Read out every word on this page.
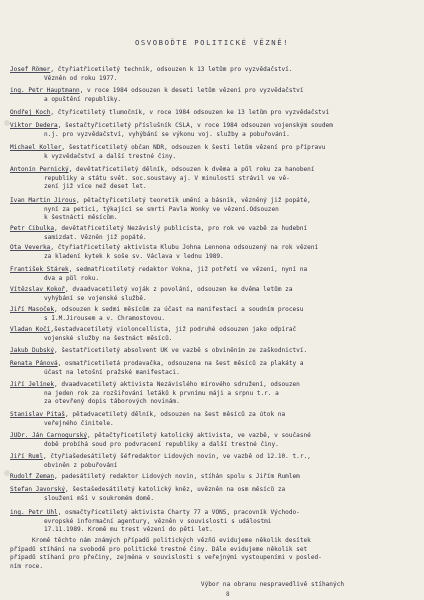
OSVOBOĎTE POLITICKÉ VĚZNĚ!
Josef Römer, čtyřiatřicetiletý technik, odsouzen k 13 letům pro vyzvědačství.
Vězněn od roku 1977.
ing. Petr Hauptmann, v roce 1984 odsouzen k deseti letům vězení pro vyzvědačství
a opuštění republiky.
Ondřej Koch, čtyřicetiletý tlumočník, v roce 1984 odsouzen ke 13 letům pro vyzvědačství
Viktor Dedera, šestačtyřicetiletý příslušník ČSLA, v roce 1984 odsouzen vojenským soudem
n.j. pro vyzvědačství, vyhýbání se výkonu voj. služby a pobuřování.
Michael Koller, šestatřicetiletý občan NDR, odsouzen k šesti letům vězení pro přípravu
k vyzvědačství a další trestné činy.
Antonín Pernický, devětatřicetiletý dělník, odsouzen k dvěma a půl roku za hanobení
republiky a státu svět. soc.soustavy aj. V minulosti strávil ve vě-
zení již více než deset let.
Ivan Martin Jirous, pětačtyřicetiletý teoretik umění a básník, vězněný již popáté,
nyní za petici, týkající se smrti Pavla Wonky ve vězení.Odsouzen
k šestnácti měsícům.
Petr Cibulka, devětatřicetiletý Nezávislý publicista, pro rok ve vazbě za hudební
samizdat. Vězněn již popáté.
Ota Veverka, čtyřiatřicetiletý aktivista Klubu Johna Lennona odsouzený na rok vězení
za kladení kytek k soše sv. Václava v lednu 1989.
František Stárek, sedmatřicetiletý redaktor Vokna, již potřetí ve vězení, nyní na
dva a půl roku.
Vítězslav Kokoř, dvaadvacetiletý voják z povolání, odsouzen ke dvěma letům za
vyhýbání se vojenské službě.
Jiří Masoček, odsouzen k sedmi měsícům za účast na manifestaci a soudním procesu
s I.M.Jirousem a v. Chramostovou.
Vladan Kočí,šestadvacetiletý violoncellista, již podruhé odsouzen jako odpírač
vojenské služby na šestnáct měsíců.
Jakub Dubský, šestatřicetiletý absolvent UK ve vazbě s obviněním ze zaškodnictví.
Renata Pánová, osmatřicetiletá prodavačka, odsouzena na šest měsíců za plakáty a
účast na letošní pražské manifestaci.
Jiří Jelínek, dvaadvacetiletý aktivista Nezávislého mírového sdružení, odsouzen
na jeden rok za rozšiřování letáků k prvnímu máji a srpnu t.r. a
za otevřený dopis táborových novinám.
Stanislav Pitaš, pětadvacetiletý dělník, odsouzen na šest měsíců za útok na
veřejného činitele.
JUDr. Ján Čarnogurský, pětačtyřicetiletý katolický aktivista, ve vazbě, v současné
době probíhá soud pro podvracení republiky a další trestné činy.
Jiří Ruml, čtyřiašedesátiletý šéfredaktor Lidových novin, ve vazbě od 12.10. t.r.,
obviněn z pobuřování
Rudolf Zeman, padesátiletý redaktor Lidových novin, stíhán spolu s Jiřím Rumlem
Štefan Javorský, šestašedesátiletý katolický kněz, uvězněn na osm měsíců za
slouženi mší v soukromém domě.
ing. Petr Uhl, osmačtyřicetiletý aktivista Charty 77 a VONS, pracovník Východo-
evropské informační agentury, vězněn v souvislosti s událostmi
17.11.1989. Kromě mu trest vězení do pěti let.
Kromě těchto nám známých případů politických vězňů evidujeme několik desítek
případů stíhání na svobodě pro politické trestné činy. Dále evidujeme několik set
případů stíhaní pro přečiny, zejména v souvislosti s veřejnými vystoupeními v posled-
ním roce.
Výbor na obranu nespravedlivě stíhaných
8
